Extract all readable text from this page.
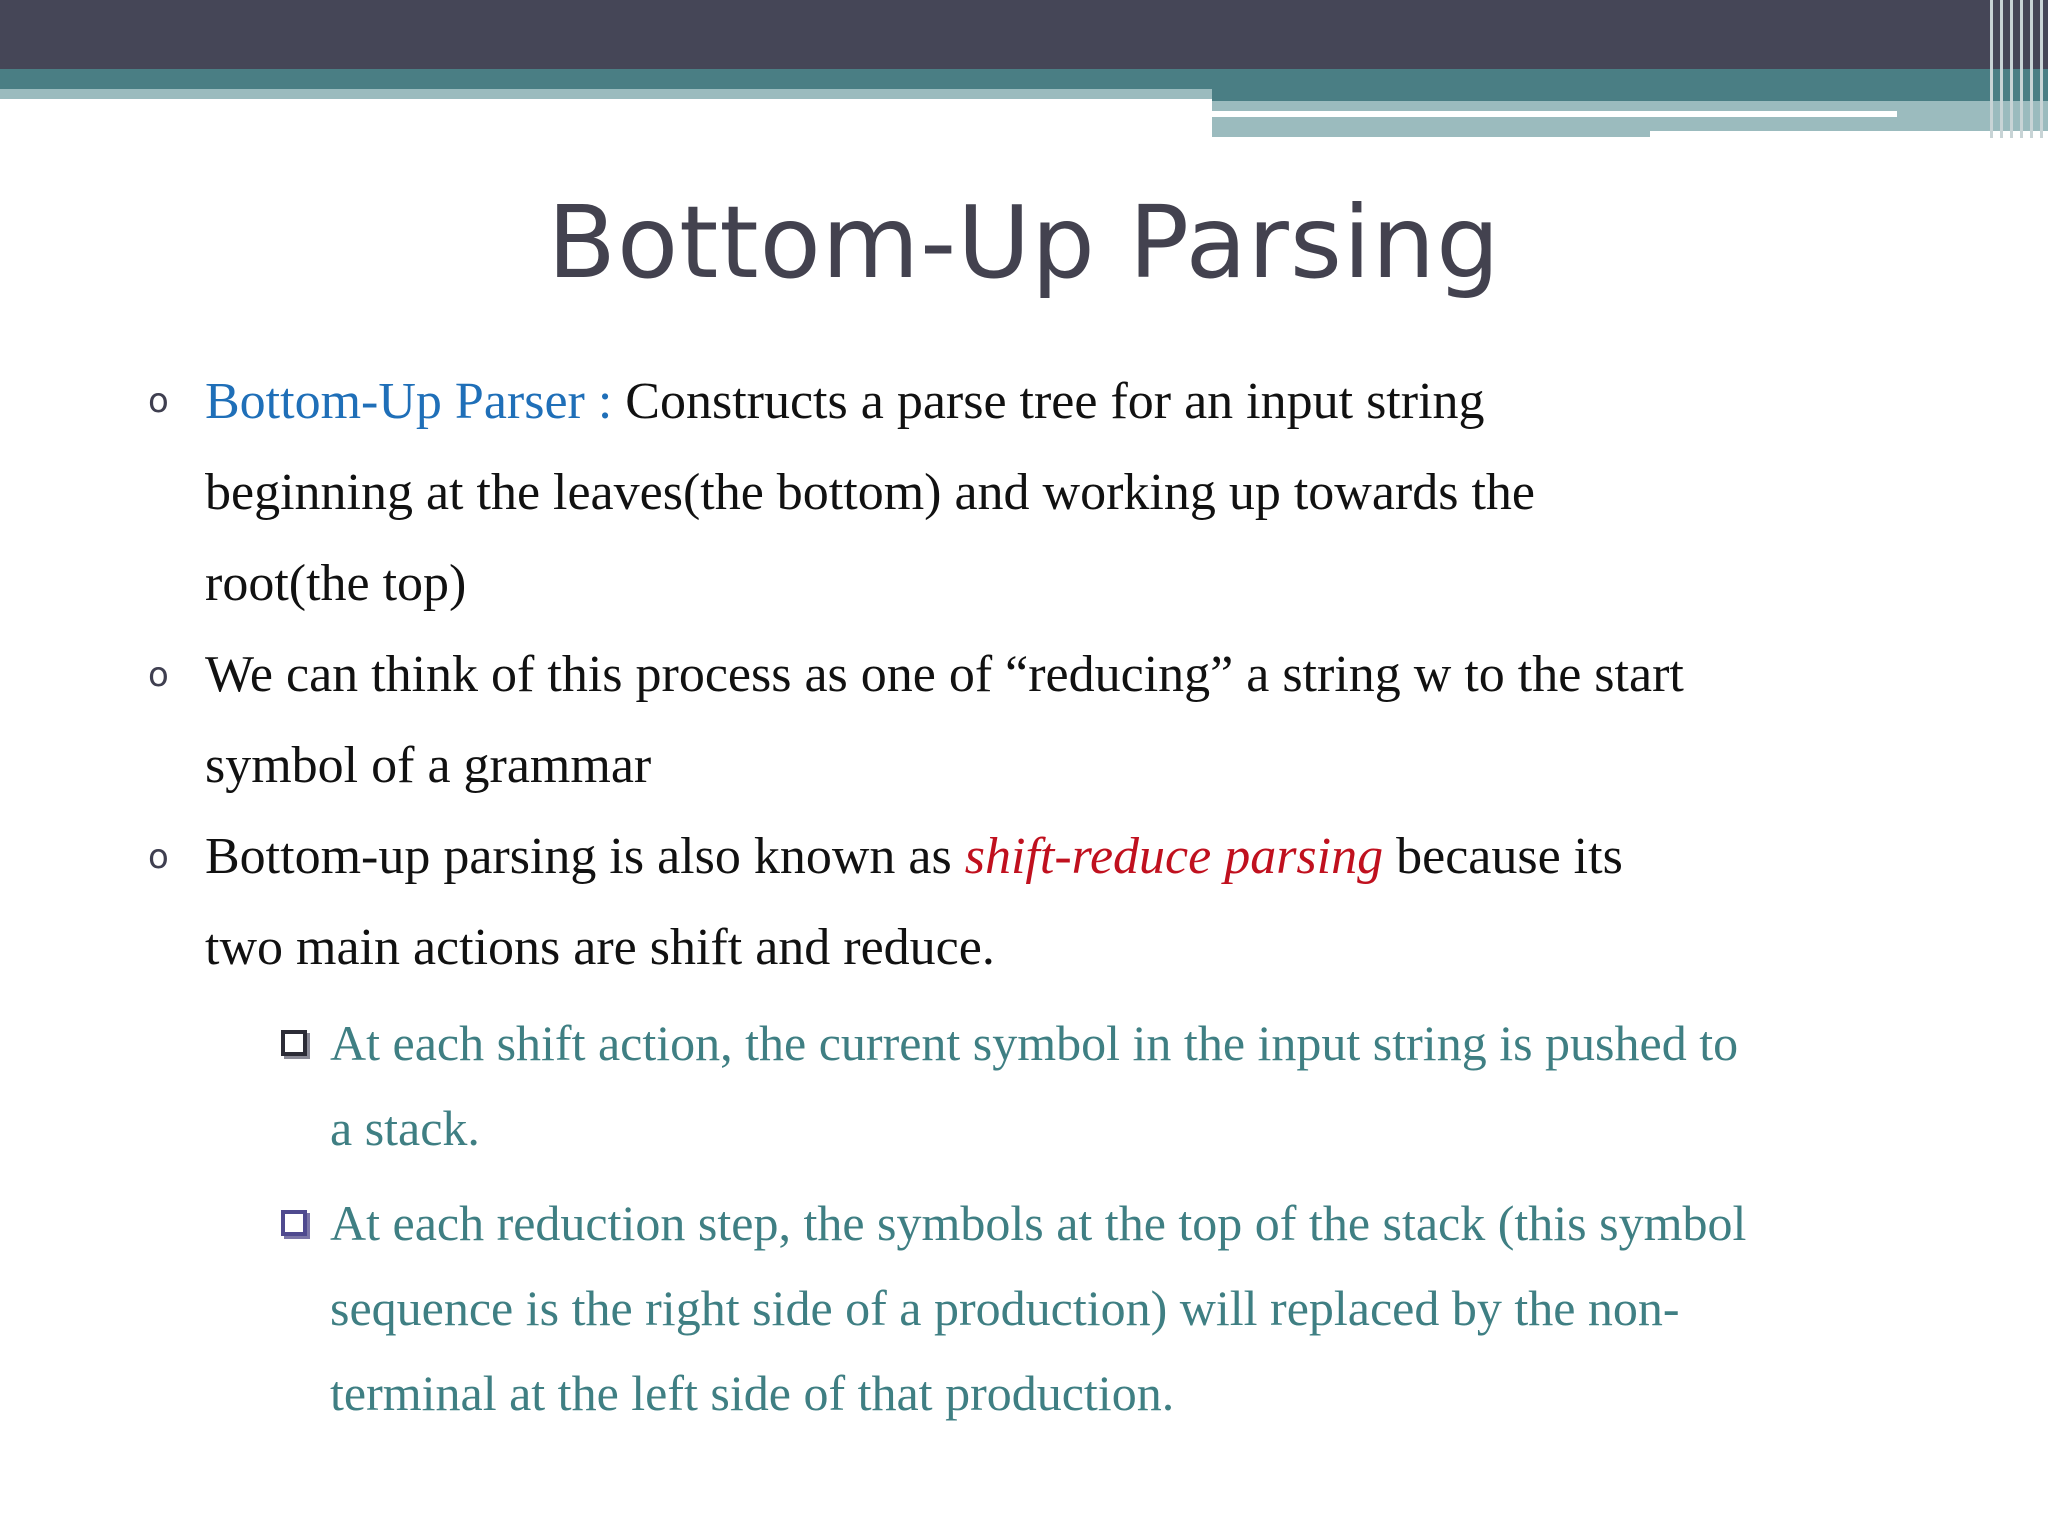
Bottom-Up Parsing
o Bottom-Up Parser : Constructs a parse tree for an input string
beginning at the leaves(the bottom) and working up towards the
root(the top)
o We can think of this process as one of “reducing” a string w to the start
symbol of a grammar
o Bottom-up parsing is also known as shift-reduce parsing because its
two main actions are shift and reduce.
At each shift action, the current symbol in the input string is pushed to
a stack.
At each reduction step, the symbols at the top of the stack (this symbol
sequence is the right side of a production) will replaced by the non-
terminal at the left side of that production.
